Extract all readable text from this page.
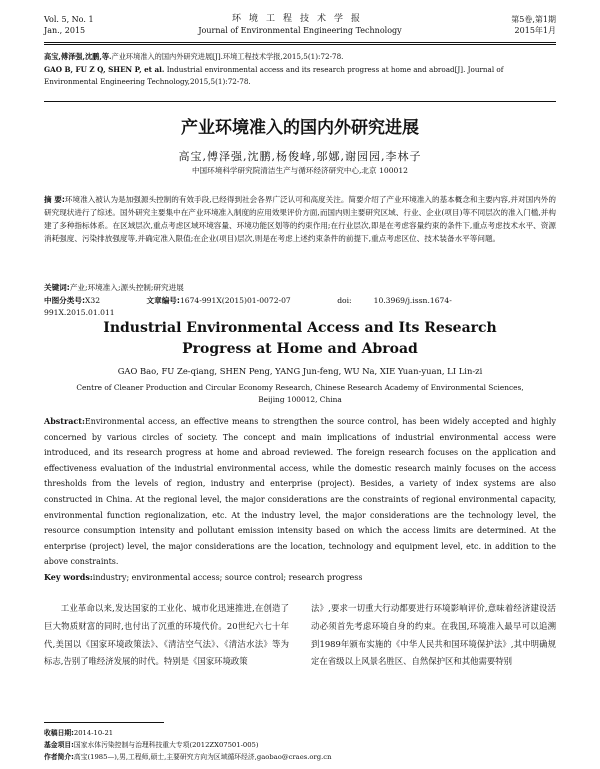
Vol. 5, No. 1
Jan., 2015
环境工程技术学报
Journal of Environmental Engineering Technology
第5卷,第1期
2015年1月

高宝,傅泽强,沈鹏,等.产业环境准入的国内外研究进展[J].环境工程技术学报,2015,5(1):72-78.

GAO B, FU Z Q, SHEN P, et al. Industrial environmental access and its research progress at home and abroad[J]. Journal of Environmental Engineering Technology,2015,5(1):72-78.

产业环境准入的国内外研究进展
高宝,傅泽强,沈鹏,杨俊峰,邬娜,谢园园,李林子
中国环境科学研究院清洁生产与循环经济研究中心,北京 100012
摘 要:环境准入被认为是加强源头控制的有效手段,已经得到社会各界广泛认可和高度关注。简要介绍了产业环境准入的基本概念和主要内容,并对国内外的研究现状进行了综述。国外研究主要集中在产业环境准入制度的应用效果评价方面,而国内则主要研究区域、行业、企业(项目)等不同层次的准入门槛,并构建了多种指标体系。在区域层次,重点考虑区域环境容量、环境功能区划等的约束作用;在行业层次,即是在考虑容量约束的条件下,重点考虑技术水平、资源消耗强度、污染排放强度等,并确定准入限值;在企业(项目)层次,则是在考虑上述约束条件的前提下,重点考虑区位、技术装备水平等问题。
关键词:产业;环境准入;源头控制;研究进展
中图分类号:X32	文章编号:1674-991X(2015)01-0072-07	doi:	10.3969/j.issn.1674-991X.2015.01.011
Industrial Environmental Access and Its Research
Progress at Home and Abroad
GAO Bao, FU Ze-qiang, SHEN Peng, YANG Jun-feng, WU Na, XIE Yuan-yuan, LI Lin-zi
Centre of Cleaner Production and Circular Economy Research, Chinese Research Academy of Environmental Sciences,
Beijing 100012, China
Abstract:Environmental access, an effective means to strengthen the source control, has been widely accepted and highly concerned by various circles of society. The concept and main implications of industrial environmental access were introduced, and its research progress at home and abroad reviewed. The foreign research focuses on the application and effectiveness evaluation of the industrial environmental access, while the domestic research mainly focuses on the access thresholds from the levels of region, industry and enterprise (project). Besides, a variety of index systems are also constructed in China. At the regional level, the major considerations are the constraints of regional environmental capacity, environmental function regionalization, etc. At the industry level, the major considerations are the technology level, the resource consumption intensity and pollutant emission intensity based on which the access limits are determined. At the enterprise (project) level, the major considerations are the location, technology and equipment level, etc. in addition to the above constraints.
Key words:industry; environmental access; source control; research progress

工业革命以来,发达国家的工业化、城市化迅速推进,在创造了巨大物质财富的同时,也付出了沉重的环境代价。20世纪六七十年代,美国以《国家环境政策法》、《清洁空气法》、《清洁水法》等为标志,告别了唯经济发展的时代。特别是《国家环境政策

法》,要求一切重大行动都要进行环境影响评价,意味着经济建设活动必须首先考虑环境自身的约束。在我国,环境准入最早可以追溯到1989年颁布实施的《中华人民共和国环境保护法》,其中明确规定在省级以上风景名胜区、自然保护区和其他需要特别

收稿日期:2014-10-21
基金项目:国家水体污染控制与治理科技重大专项(2012ZX07501-005)
作者简介:高宝(1985—),男,工程师,硕士,主要研究方向为区域循环经济,gaobao@craes.org.cn
